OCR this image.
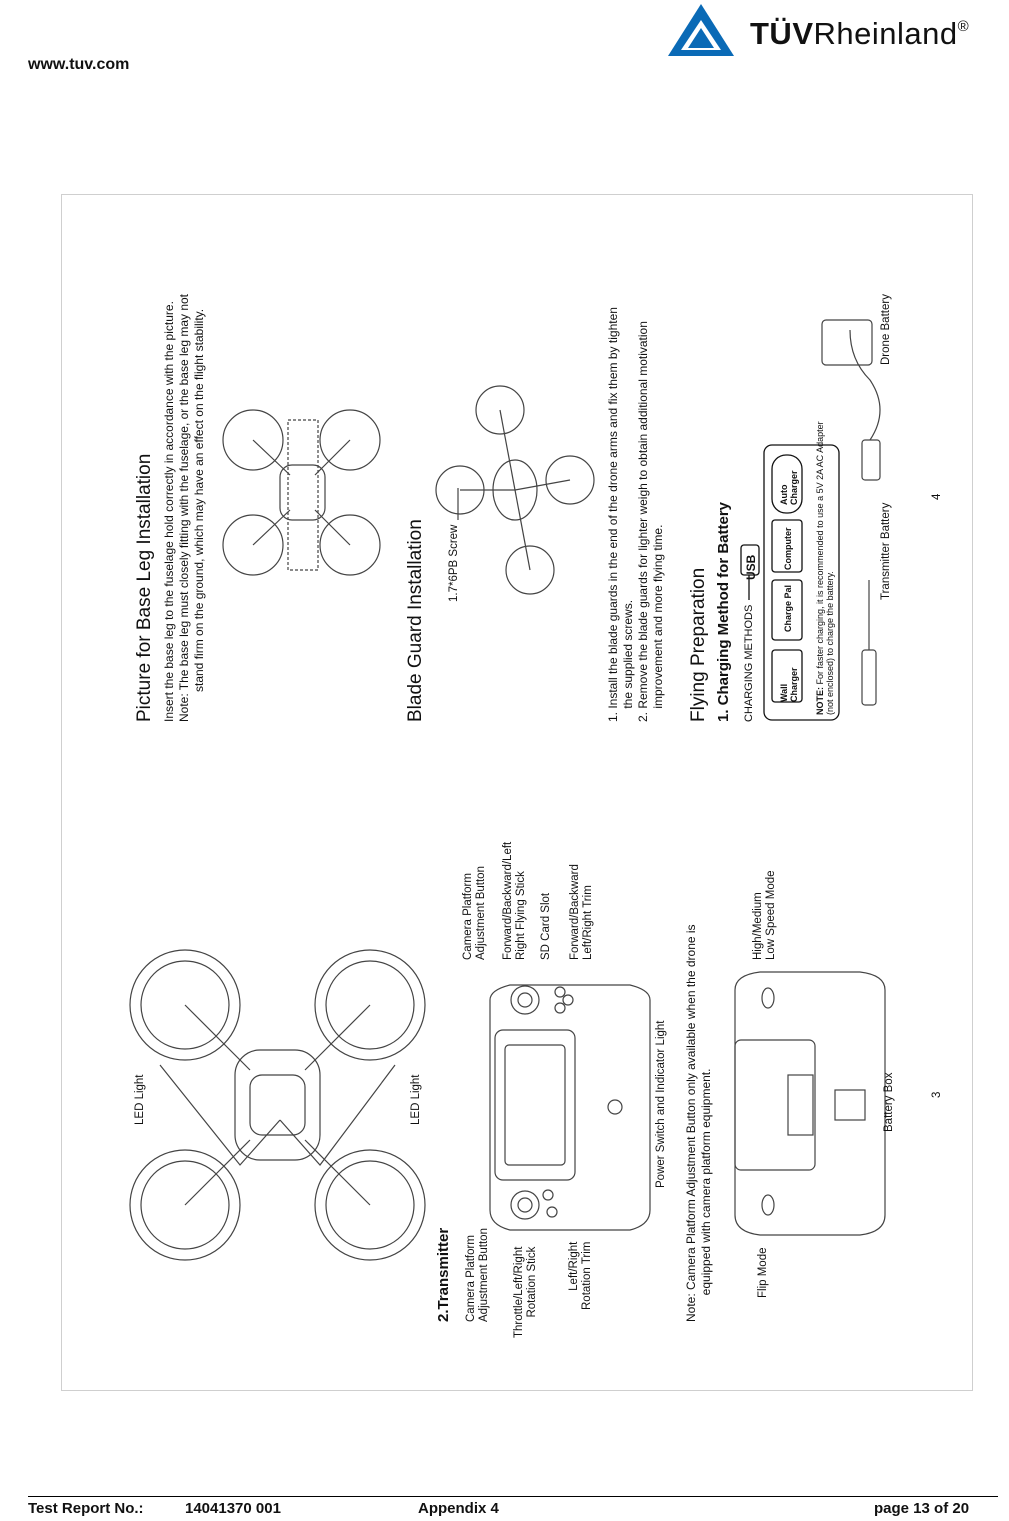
www.tuv.com
TÜVRheinland®
LED Light	LED Light
2.Transmitter Camera Platform
Adjustment Button
Throttle/Left/Right
Rotation Stick	Left/Right
Rotation Trim
Camera Platform
Adjustment Button Forward/Backward/Left
Right Flying Stick
SD Card Slot Forward/Backward
Left/Right Trim
Power Switch and Indicator Light
Note: Camera Platform Adjustment Button only available when the drone is
equipped with camera platform equipment.
Flip Mode
High/Medium
Low Speed Mode
Battery Box	3
Picture for Base Leg Installation Insert the base leg to the fuselage hold correctly in accordance with the picture.
Note: The base leg must closely fitting with the fuselage, or the base leg may not
stand firm on the ground, which may have an effect on the flight stability.
Blade Guard Installation 1.7*6PB Screw
1. Install the blade guards in the end of the drone arms and fix them by tighten
the supplied screws.
2. Remove the blade guards for lighter weigh to obtain additional motivation
improvement and more flying time.
Flying Preparation 1. Charging Method for Battery CHARGING METHODS
USB
Wall
Charger
Charge Pal
Computer
Auto
Charger
NOTE: For faster charging, it is recommended to use a 5V 2A AC Adapter
(not enclosed) to charge the battery.	Transmitter Battery
Drone Battery
4
Test Report No.:	14041370 001	Appendix 4	page 13 of 20
